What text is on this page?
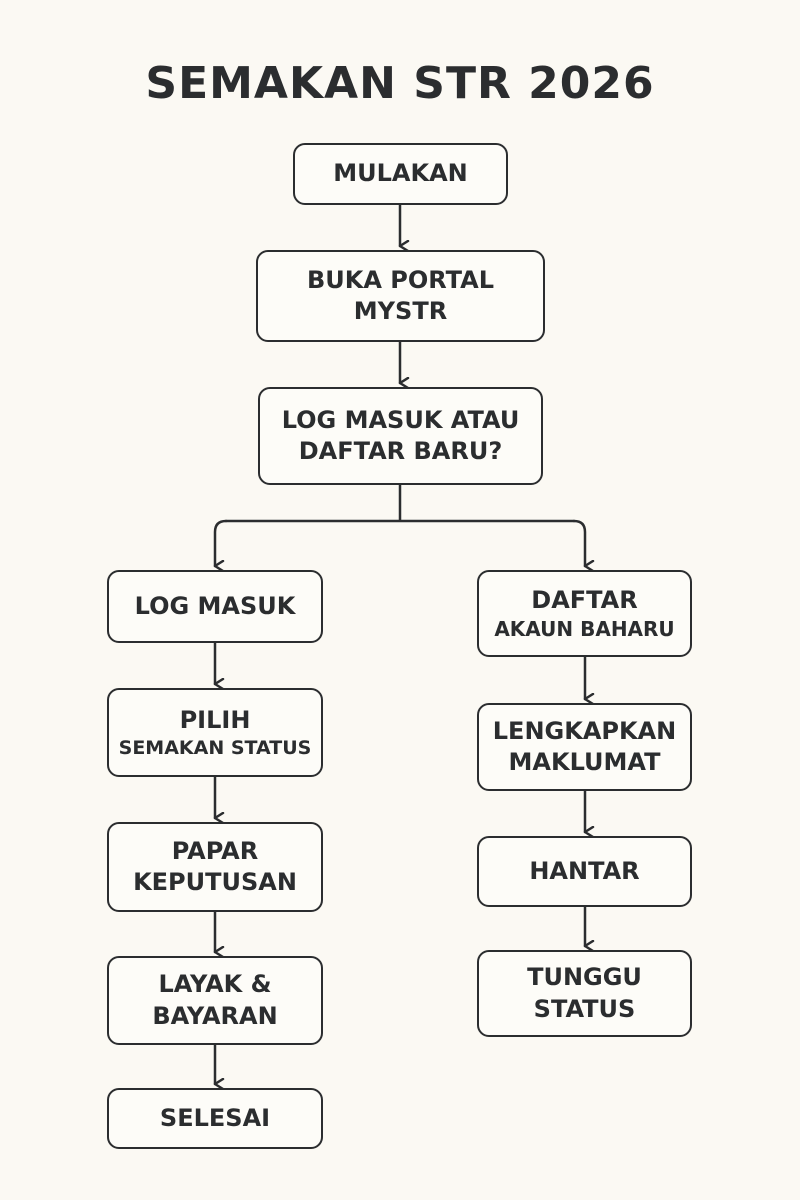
SEMAKAN STR 2026
MULAKAN
BUKA PORTAL
MYSTR
LOG MASUK ATAU
DAFTAR BARU?
LOG MASUK
PILIH
SEMAKAN STATUS
PAPAR
KEPUTUSAN
LAYAK &
BAYARAN
SELESAI
DAFTAR
AKAUN BAHARU
LENGKAPKAN
MAKLUMAT
HANTAR
TUNGGU
STATUS
